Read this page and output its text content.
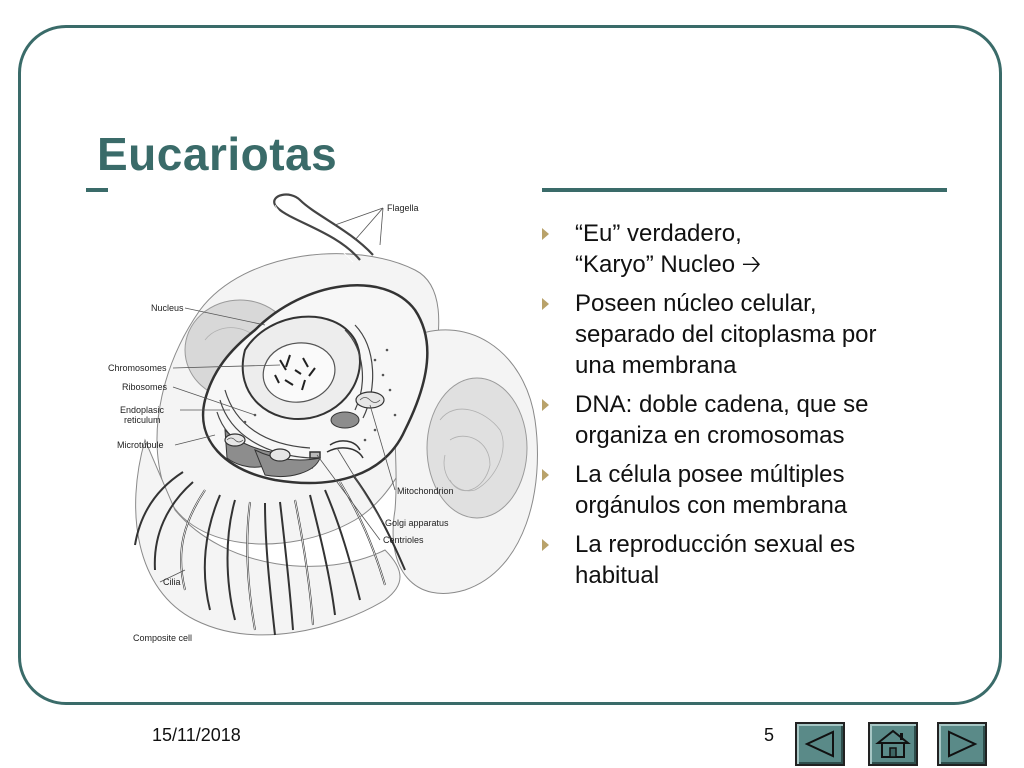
Eucariotas
Flagella
Nucleus
Chromosomes
Ribosomes
Endoplasic
reticulum
Microtubule
Mitochondrion
Golgi apparatus
Centrioles
Cilia
Composite cell
“Eu” verdadero,
“Karyo” Nucleo 🡢
Poseen núcleo celular,
separado del citoplasma por
una membrana
DNA: doble cadena, que se
organiza en cromosomas
La célula posee múltiples
orgánulos con membrana
La reproducción sexual es
habitual
15/11/2018	5
